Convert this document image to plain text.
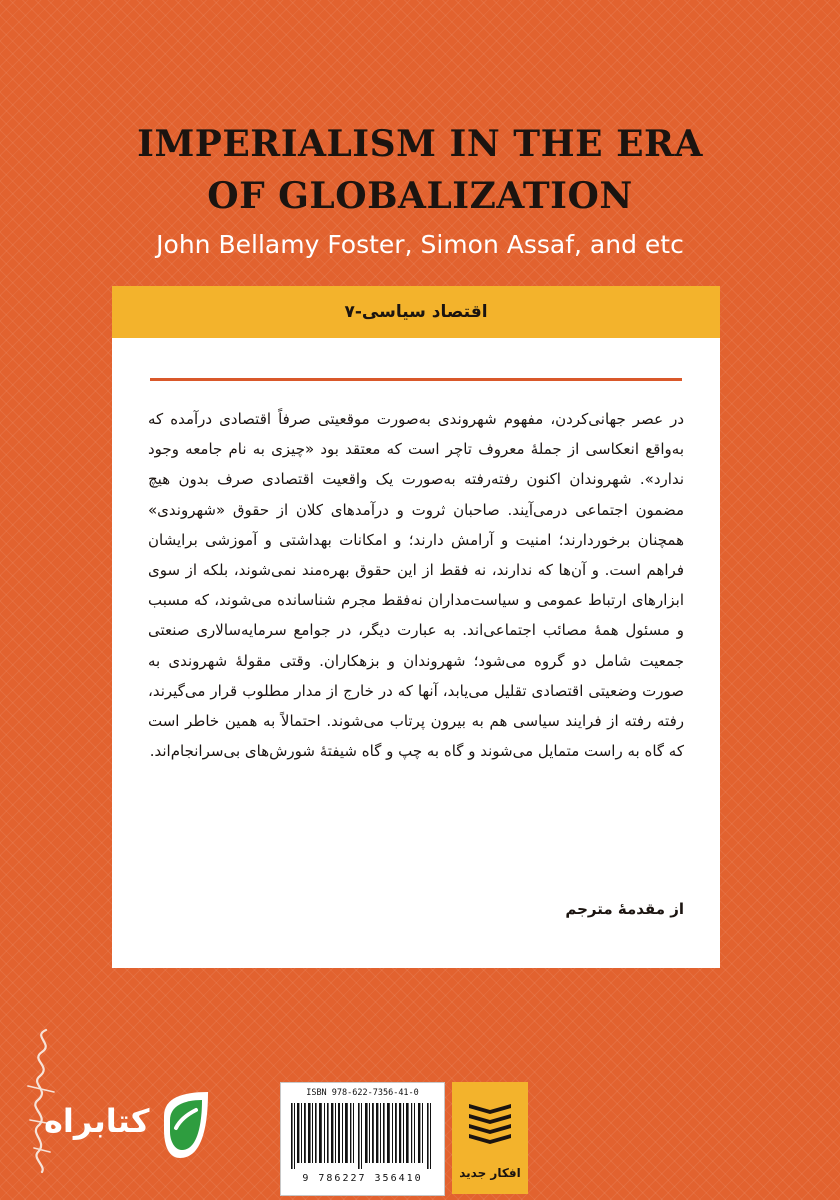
IMPERIALISM IN THE ERA
OF GLOBALIZATION
John Bellamy Foster, Simon Assaf, and etc
اقتصاد سیاسی-۷
در عصر جهانی‌کردن، مفهوم شهروندی به‌صورت موقعیتی صرفاً اقتصادی درآمده که به‌واقع انعکاسی از جملهٔ معروف تاچر است که معتقد بود «چیزی به نام جامعه وجود ندارد». شهروندان اکنون رفته‌رفته به‌صورت یک واقعیت اقتصادی صرف بدون هیچ مضمون اجتماعی درمی‌آیند. صاحبان ثروت و درآمدهای کلان از حقوق «شهروندی» همچنان برخوردارند؛ امنیت و آرامش دارند؛ و امکانات بهداشتی و آموزشی برایشان فراهم است. و آن‌ها که ندارند، نه فقط از این حقوق بهره‌مند نمی‌شوند، بلکه از سوی ابزارهای ارتباط عمومی و سیاست‌مداران نه‌فقط مجرم شناسانده می‌شوند، که مسبب و مسئول همهٔ مصائب اجتماعی‌اند. به عبارت دیگر، در جوامع سرمایه‌سالاری صنعتی جمعیت شامل دو گروه می‌شود؛ شهروندان و بزهکاران. وقتی مقولهٔ شهروندی به صورت وضعیتی اقتصادی تقلیل می‌یابد، آنها که در خارج از مدار مطلوب قرار می‌گیرند، رفته رفته از فرایند سیاسی هم به بیرون پرتاب می‌شوند. احتمالاً به همین خاطر است که گاه به راست متمایل می‌شوند و گاه به چپ و گاه شیفتهٔ شورش‌های بی‌سرانجام‌اند.
از مقدمهٔ مترجم
کتابراه
ISBN 978-622-7356-41-0
9 786227 356410	افکار جدید
